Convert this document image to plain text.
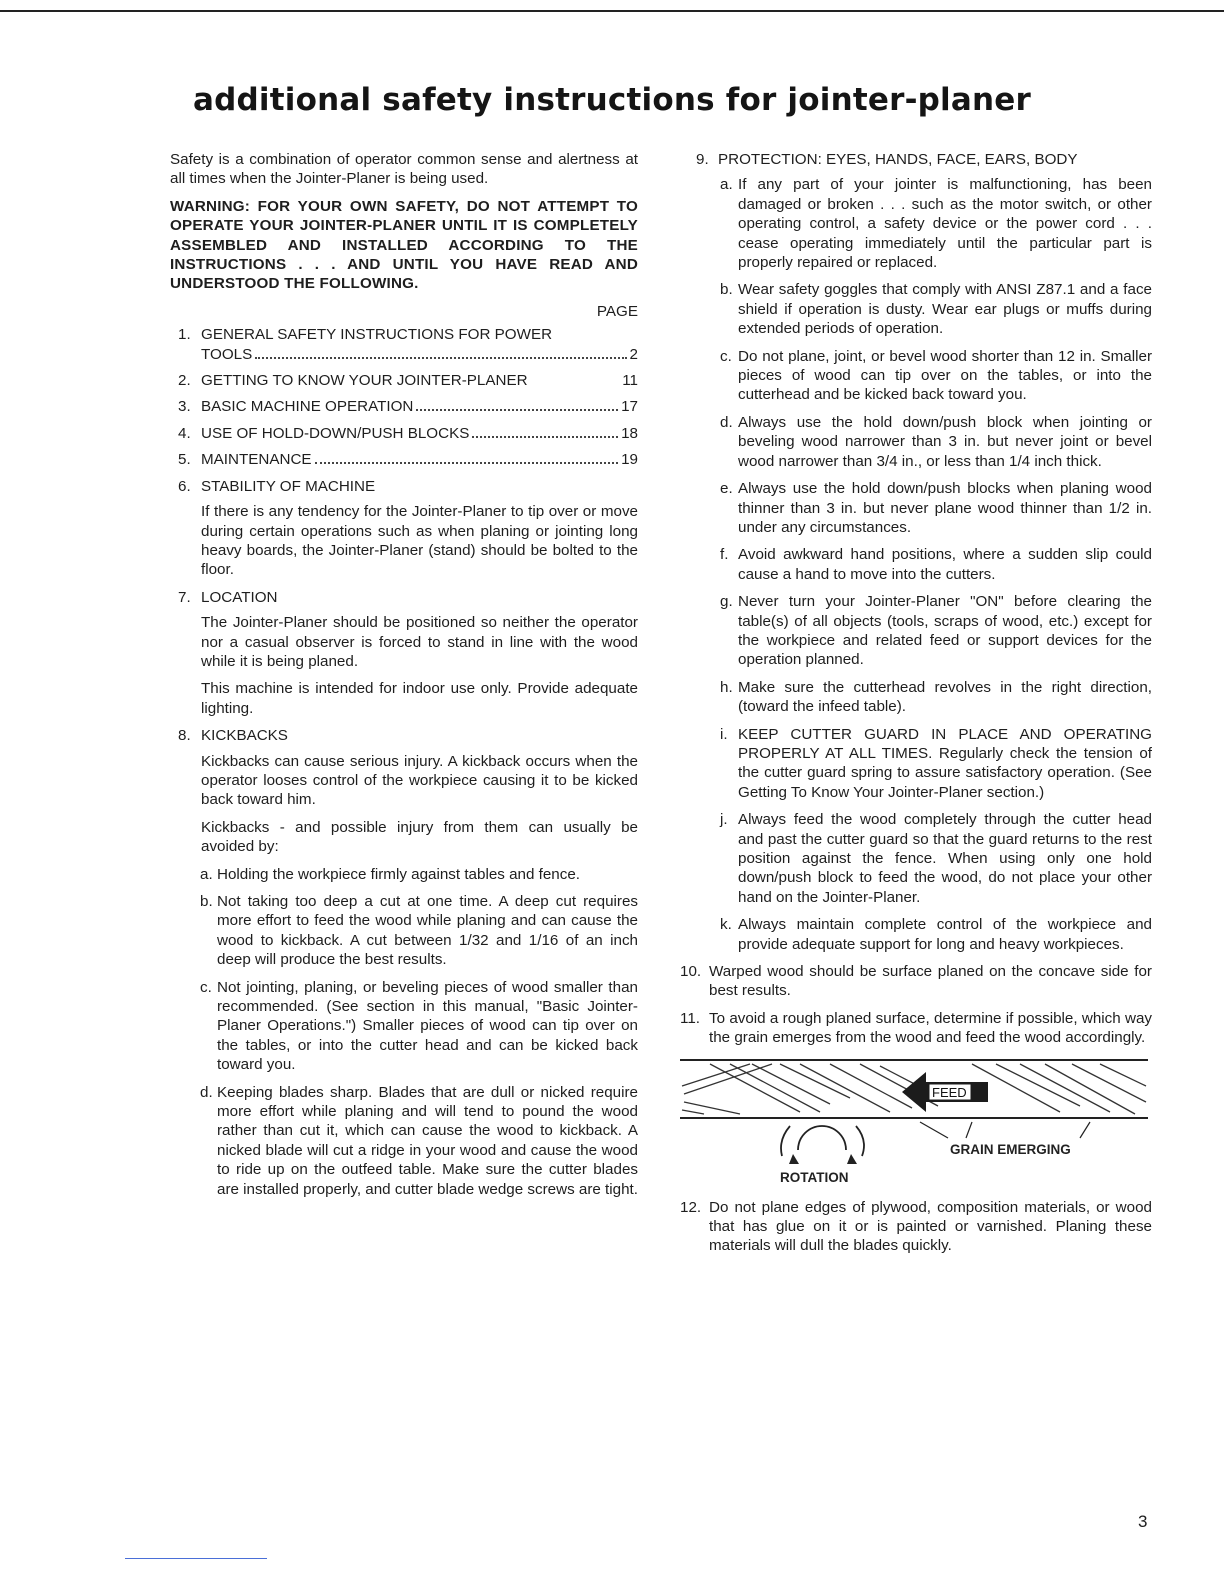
additional safety instructions for jointer-planer

Safety is a combination of operator common sense and alertness at all times when the Jointer-Planer is being used.

WARNING: FOR YOUR OWN SAFETY, DO NOT ATTEMPT TO OPERATE YOUR JOINTER-PLANER UNTIL IT IS COMPLETELY ASSEMBLED AND INSTALLED ACCORDING TO THE INSTRUCTIONS . . . AND UNTIL YOU HAVE READ AND UNDERSTOOD THE FOLLOWING.

PAGE
1. GENERAL SAFETY INSTRUCTIONS FOR POWER
TOOLS	2
2. GETTING TO KNOW YOUR JOINTER-PLANER	11
3. BASIC MACHINE OPERATION	17
4. USE OF HOLD-DOWN/PUSH BLOCKS	18
5. MAINTENANCE	19
6. STABILITY OF MACHINE

If there is any tendency for the Jointer-Planer to tip over or move during certain operations such as when planing or jointing long heavy boards, the Jointer-Planer (stand) should be bolted to the floor.

7. LOCATION

The Jointer-Planer should be positioned so neither the operator nor a casual observer is forced to stand in line with the wood while it is being planed.

This machine is intended for indoor use only. Provide adequate lighting.

8. KICKBACKS

Kickbacks can cause serious injury. A kickback occurs when the operator looses control of the workpiece causing it to be kicked back toward him.

Kickbacks - and possible injury from them can usually be avoided by:

a. Holding the workpiece firmly against tables and fence.
b. Not taking too deep a cut at one time. A deep cut requires more effort to feed the wood while planing and can cause the wood to kickback. A cut between 1/32 and 1/16 of an inch deep will produce the best results.
c. Not jointing, planing, or beveling pieces of wood smaller than recommended. (See section in this manual, "Basic Jointer-Planer Operations.") Smaller pieces of wood can tip over on the tables, or into the cutter head and can be kicked back toward you.
d. Keeping blades sharp. Blades that are dull or nicked require more effort while planing and will tend to pound the wood rather than cut it, which can cause the wood to kickback. A nicked blade will cut a ridge in your wood and cause the wood to ride up on the outfeed table. Make sure the cutter blades are installed properly, and cutter blade wedge screws are tight.
9. PROTECTION: EYES, HANDS, FACE, EARS, BODY
a. If any part of your jointer is malfunctioning, has been damaged or broken . . . such as the motor switch, or other operating control, a safety device or the power cord . . . cease operating immediately until the particular part is properly repaired or replaced.
b. Wear safety goggles that comply with ANSI Z87.1 and a face shield if operation is dusty. Wear ear plugs or muffs during extended periods of operation.
c. Do not plane, joint, or bevel wood shorter than 12 in. Smaller pieces of wood can tip over on the tables, or into the cutterhead and be kicked back toward you.
d. Always use the hold down/push block when jointing or beveling wood narrower than 3 in. but never joint or bevel wood narrower than 3/4 in., or less than 1/4 inch thick.
e. Always use the hold down/push blocks when planing wood thinner than 3 in. but never plane wood thinner than 1/2 in. under any circumstances.
f. Avoid awkward hand positions, where a sudden slip could cause a hand to move into the cutters.
g. Never turn your Jointer-Planer "ON" before clearing the table(s) of all objects (tools, scraps of wood, etc.) except for the workpiece and related feed or support devices for the operation planned.
h. Make sure the cutterhead revolves in the right direction, (toward the infeed table).
i. KEEP CUTTER GUARD IN PLACE AND OPERATING PROPERLY AT ALL TIMES. Regularly check the tension of the cutter guard spring to assure satisfactory operation. (See Getting To Know Your Jointer-Planer section.)
j. Always feed the wood completely through the cutter head and past the cutter guard so that the guard returns to the rest position against the fence. When using only one hold down/push block to feed the wood, do not place your other hand on the Jointer-Planer.
k. Always maintain complete control of the workpiece and provide adequate support for long and heavy workpieces.
10. Warped wood should be surface planed on the concave side for best results.
11. To avoid a rough planed surface, determine if possible, which way the grain emerges from the wood and feed the wood accordingly.
FEED
GRAIN EMERGING
ROTATION
12. Do not plane edges of plywood, composition materials, or wood that has glue on it or is painted or varnished. Planing these materials will dull the blades quickly.
3
